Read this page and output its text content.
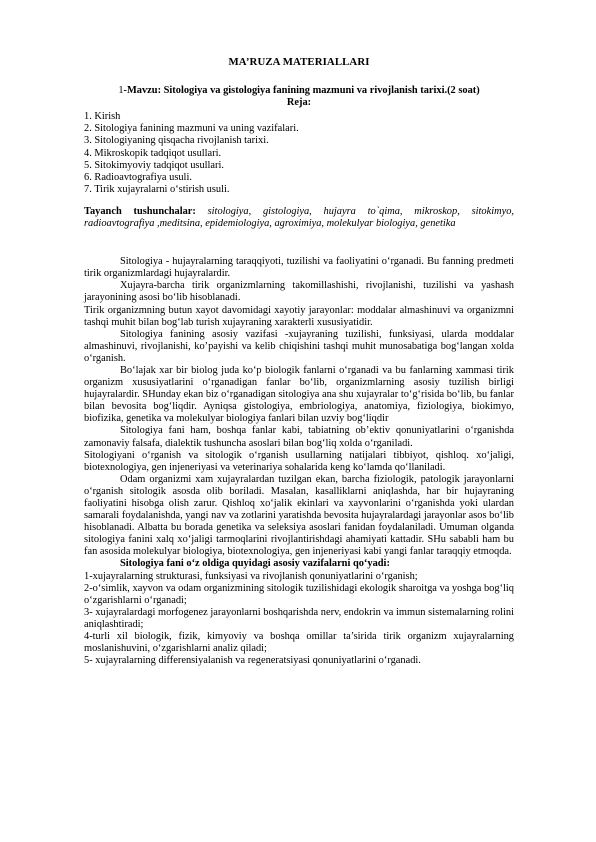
MA’RUZA MATERIALLARI
1-Mavzu: Sitologiya va gistologiya fanining mazmuni va rivojlanish tarixi.(2 soat)
Reja:
1. Kirish
2. Sitologiya fanining mazmuni va uning vazifalari.
3. Sitologiyaning qisqacha rivojlanish tarixi.
4. Mikroskopik tadqiqot usullari.
5. Sitokimyoviy tadqiqot usullari.
6. Radioavtografiya usuli.
7. Tirik xujayralarni o‘stirish usuli.
Tayanch tushunchalar: sitologiya, gistologiya, hujayra to`qima, mikroskop, sitokimyo, radioavtografiya ,meditsina, epidemiologiya, agroximiya, molekulyar biologiya, genetika

Sitologiya - hujayralarning taraqqiyoti, tuzilishi va faoliyatini o‘rganadi. Bu fanning predmeti tirik organizmlardagi hujayralardir.

Xujayra-barcha tirik organizmlarning takomillashishi, rivojlanishi, tuzilishi va yashash jarayonining asosi bo‘lib hisoblanadi.

Tirik organizmning butun xayot davomidagi xayotiy jarayonlar: moddalar almashinuvi va organizmni tashqi muhit bilan bog‘lab turish xujayraning xarakterli xususiyatidir.

Sitologiya fanining asosiy vazifasi -xujayraning tuzilishi, funksiyasi, ularda moddalar almashinuvi, rivojlanishi, ko’payishi va kelib chiqishini tashqi muhit munosabatiga bog‘langan xolda o‘rganish.

Bo‘lajak xar bir biolog juda ko‘p biologik fanlarni o‘rganadi va bu fanlarning xammasi tirik organizm xususiyatlarini o‘rganadigan fanlar bo‘lib, organizmlarning asosiy tuzilish birligi hujayralardir. SHunday ekan biz o‘rganadigan sitologiya ana shu xujayralar to‘g‘risida bo‘lib, bu fanlar bilan bevosita bog‘liqdir. Ayniqsa gistologiya, embriologiya, anatomiya, fiziologiya, biokimyo, biofizika, genetika va molekulyar biologiya fanlari bilan uzviy bog‘liqdir

Sitologiya fani ham, boshqa fanlar kabi, tabiatning ob’ektiv qonuniyatlarini o‘rganishda zamonaviy falsafa, dialektik tushuncha asoslari bilan bog‘liq xolda o‘rganiladi.

Sitologiyani o‘rganish va sitologik o‘rganish usullarning natijalari tibbiyot, qishloq. xo‘jaligi, biotexnologiya, gen injeneriyasi va veterinariya sohalarida keng ko‘lamda qo‘llaniladi.

Odam organizmi xam xujayralardan tuzilgan ekan, barcha fiziologik, patologik jarayonlarni o‘rganish sitologik asosda olib boriladi. Masalan, kasalliklarni aniqlashda, har bir hujayraning faoliyatini hisobga olish zarur. Qishloq xo‘jalik ekinlari va xayvonlarini o‘rganishda yoki ulardan samarali foydalanishda, yangi nav va zotlarini yaratishda bevosita hujayralardagi jarayonlar asos bo‘lib hisoblanadi. Albatta bu borada genetika va seleksiya asoslari fanidan foydalaniladi. Umuman olganda sitologiya fanini xalq xo‘jaligi tarmoqlarini rivojlantirishdagi ahamiyati kattadir. SHu sababli ham bu fan asosida molekulyar biologiya, biotexnologiya, gen injeneriyasi kabi yangi fanlar taraqqiy etmoqda.

Sitologiya fani o‘z oldiga quyidagi asosiy vazifalarni qo‘yadi:

1-xujayralarning strukturasi, funksiyasi va rivojlanish qonuniyatlarini o‘rganish;

2-o‘simlik, xayvon va odam organizmining sitologik tuzilishidagi ekologik sharoitga va yoshga bog‘liq o‘zgarishlarni o‘rganadi;

3- xujayralardagi morfogenez jarayonlarni boshqarishda nerv, endokrin va immun sistemalarning rolini aniqlashtiradi;

4-turli xil biologik, fizik, kimyoviy va boshqa omillar ta’sirida tirik organizm xujayralarning moslanishuvini, o‘zgarishlarni analiz qiladi;

5- xujayralarning differensiyalanish va regeneratsiyasi qonuniyatlarini o‘rganadi.
